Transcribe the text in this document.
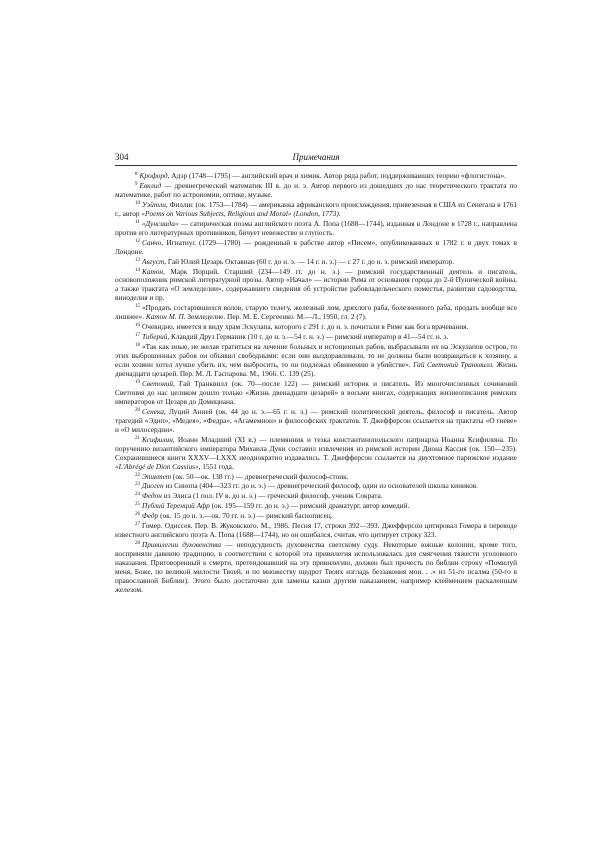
304	Примечания

$^8$ Крофорд, Адэр (1748—1795) — английский врач и химик. Автор ряда работ, поддерживавших теорию «флогистона».

$^9$ Евклид — древнегреческий математик III в. до н. э. Автор первого из дошедших до нас теоретического трактата по математике, работ по астрономии, оптике, музыке.

$^{10}$ Уэйтли, Филлис (ок. 1753—1784) — американка африканского происхождения, привезенная в США из Сенегала в 1761 г., автор «Poems on Various Subjects, Religious and Moral» (London, 1773).

$^{11}$ «Дунсиада» — сатирическая поэма английского поэта А. Попа (1688—1744), изданная в Лондоне в 1728 г., направлена против его литературных противников, бичует невежество и глупость.

$^{12}$ Санчо, Игнатиус (1729—1780) — рожденный в рабстве автор «Писем», опубликованных в 1782 г. в двух томах в Лондоне.

$^{13}$ Август, Гай Юлий Цезарь Октавиан (60 г. до н. э. — 14 г. н. э.) — с 27 г. до н. э. римский император.

$^{14}$ Катон, Марк Порций, Старший (234—149 гг. до н. э.) — римский государственный деятель и писатель, основоположник римской литературной прозы. Автор «Начал» — истории Рима от основания города до 2-й Пунической войны, а также трактата «О земледелии», содержавшего сведения об устройстве рабовладельческого поместья, развитии садоводства, виноделия и пр.

$^{15}$ «Продать состарившихся волов, старую телегу, железный лом, дряхлого раба, болезненного раба, продать вообще все лишнее». Катон М. П. Земледелие. Пер. М. Е. Сергеенко. М.—Л., 1950, гл. 2 (7).

$^{16}$ Очевидно, имеется в виду храм Эскулапа, которого с 291 г. до н. э. почитали в Риме как бога врачевания.

$^{17}$ Тиберий, Клавдий Друз Германик (10 г. до н. э.—54 г. н. э.) — римский император в 41—54 гг. н. э.

$^{18}$ «Так как иные, не желая тратиться на лечение больных и истощенных рабов, выбрасывали их на Эскулапов остров, то этих выброшенных рабов он объявил свободными: если они выздоравливали, то не должны были возвращаться к хозяину, а если хозяин хотел лучше убить их, чем выбросить, то он подлежал обвинению в убийстве». Гай Светоний Транквилл. Жизнь двенадцати цезарей. Пер. М. Л. Гаспарова. М., 1966. С. 139 (25).

$^{19}$ Светоний, Гай Транквилл (ок. 70—после 122) — римский историк и писатель. Из многочисленных сочинений Светония до нас целиком дошло только «Жизнь двенадцати цезарей» в восьми книгах, содержащих жизнеописания римских императоров от Цезаря до Домициана.

$^{20}$ Сенека, Луций Анней (ок. 44 до н. э.—65 г. н. э.) — римский политический деятель, философ и писатель. Автор трагедий «Эдип», «Медея», «Федра», «Агамемнон» и философских трактатов. Т. Джефферсон ссылается на трактаты «О гневе» и «О милосердии».

$^{21}$ Ксифилин, Иоанн Младший (XI в.) — племянник и тезка константинопольского патриарха Иоанна Ксифилина. По поручению византийского императора Михаила Дуки составил извлечения из римской истории Диона Кассия (ок. 150—235). Сохранившиеся книги XXXV—LXXX неоднократно издавались. Т. Джефферсон ссылается на двухтомное парижское издание «L'Abrégé de Dion Cassius», 1551 года.

$^{22}$ Эпиктет (ок. 50—ок. 138 гг.) — древнегреческий философ-стоик.

$^{23}$ Диоген из Синопа (404—323 гг. до н. э.) — древнегреческий философ, один из основателей школы киников.

$^{24}$ Федон из Элиса (1 пол. IV в. до н. э.) — греческий философ, ученик Сократа.

$^{25}$ Публий Теренций Афр (ок. 195—159 гг. до н. э.) — римский драматург, автор комедий.

$^{26}$ Федр (ок. 15 до н. э.—ок. 70 гг. н. э.) — римский баснописец.

$^{27}$ Гомер. Одиссея. Пер. В. Жуковского. М., 1986. Песня 17, строки 392—393. Джефферсон цитировал Гомера в переводе известного английского поэта А. Попа (1688—1744), но он ошибался, считая, что цитирует строку 323.

$^{28}$ Привилегии духовенства — неподсудность духовенства светскому суду. Некоторые южные колонии, кроме того, восприняли давнюю традицию, в соответствии с которой эта привилегия использовалась для смягчения тяжести уголовного наказания. Приговоренный к смерти, претендовавший на эту привилегию, должен был прочесть по библии строку «Помилуй меня, Боже, по великой милости Твоей, и по множеству щедрот Твоих изгладь беззакония мои. . .» из 51-го псалма (50-го в православной Библии). Этого было достаточно для замены казни другим наказанием, например клеймением раскаленным железом.
